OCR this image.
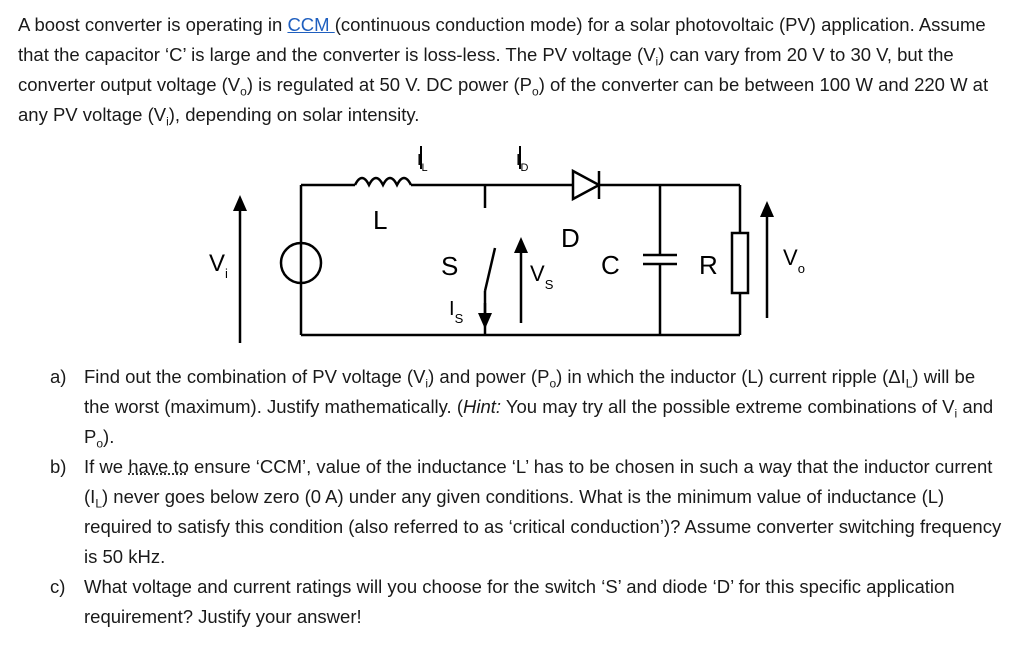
A boost converter is operating in CCM (continuous conduction mode) for a solar photovoltaic (PV) application. Assume that the capacitor ‘C’ is large and the converter is loss-less. The PV voltage $(V_i)$ can vary from 20 V to 30 V, but the converter output voltage $(V_o)$ is regulated at 50 V. DC power $(P_o)$ of the converter can be between 100 W and 220 W at any PV voltage $(V_i)$, depending on solar intensity.

$V_i$
L
$I_L$	$I_D$
D
S	$V_S$
$I_S$
C	R	$V_o$
a) Find out the combination of PV voltage $(V_i)$ and power $(P_o)$ in which the inductor (L) current ripple $(\Delta I_L)$ will be the worst (maximum). Justify mathematically. (Hint: You may try all the possible extreme combinations of $V_i$ and $P_o$).
b) If we have to ensure ‘CCM’, value of the inductance ‘L’ has to be chosen in such a way that the inductor current $(I_L)$ never goes below zero (0 A) under any given conditions. What is the minimum value of inductance (L) required to satisfy this condition (also referred to as ‘critical conduction’)? Assume converter switching frequency is 50 kHz.
c) What voltage and current ratings will you choose for the switch ‘S’ and diode ‘D’ for this specific application requirement? Justify your answer!
